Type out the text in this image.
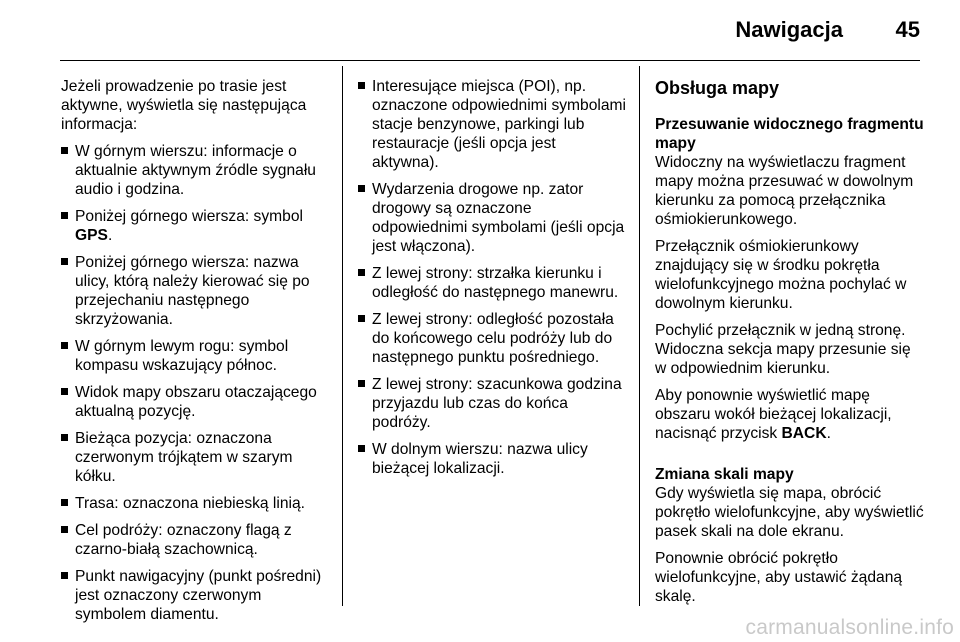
Nawigacja 45

Jeżeli prowadzenie po trasie jest aktywne, wyświetla się następująca informacja:

W górnym wierszu: informacje o aktualnie aktywnym źródle sygnału audio i godzina.
Poniżej górnego wiersza: symbol GPS.
Poniżej górnego wiersza: nazwa ulicy, którą należy kierować się po przejechaniu następnego skrzyżowania.
W górnym lewym rogu: symbol kompasu wskazujący północ.
Widok mapy obszaru otaczającego aktualną pozycję.
Bieżąca pozycja: oznaczona czerwonym trójkątem w szarym kółku.
Trasa: oznaczona niebieską linią.
Cel podróży: oznaczony flagą z czarno-białą szachownicą.
Punkt nawigacyjny (punkt pośredni) jest oznaczony czerwonym symbolem diamentu.
Interesujące miejsca (POI), np. oznaczone odpowiednimi symbolami stacje benzynowe, parkingi lub restauracje (jeśli opcja jest aktywna).
Wydarzenia drogowe np. zator drogowy są oznaczone odpowiednimi symbolami (jeśli opcja jest włączona).
Z lewej strony: strzałka kierunku i odległość do następnego manewru.
Z lewej strony: odległość pozostała do końcowego celu podróży lub do następnego punktu pośredniego.
Z lewej strony: szacunkowa godzina przyjazdu lub czas do końca podróży.
W dolnym wierszu: nazwa ulicy bieżącej lokalizacji.
Obsługa mapy

Przesuwanie widocznego fragmentu mapy

Widoczny na wyświetlaczu fragment mapy można przesuwać w dowolnym kierunku za pomocą przełącznika ośmiokierunkowego.

Przełącznik ośmiokierunkowy znajdujący się w środku pokrętła wielofunkcyjnego można pochylać w dowolnym kierunku.

Pochylić przełącznik w jedną stronę. Widoczna sekcja mapy przesunie się w odpowiednim kierunku.

Aby ponownie wyświetlić mapę obszaru wokół bieżącej lokalizacji, nacisnąć przycisk BACK.

Zmiana skali mapy

Gdy wyświetla się mapa, obrócić pokrętło wielofunkcyjne, aby wyświetlić pasek skali na dole ekranu.

Ponownie obrócić pokrętło wielofunkcyjne, aby ustawić żądaną skalę.

carmanualsonline.info
